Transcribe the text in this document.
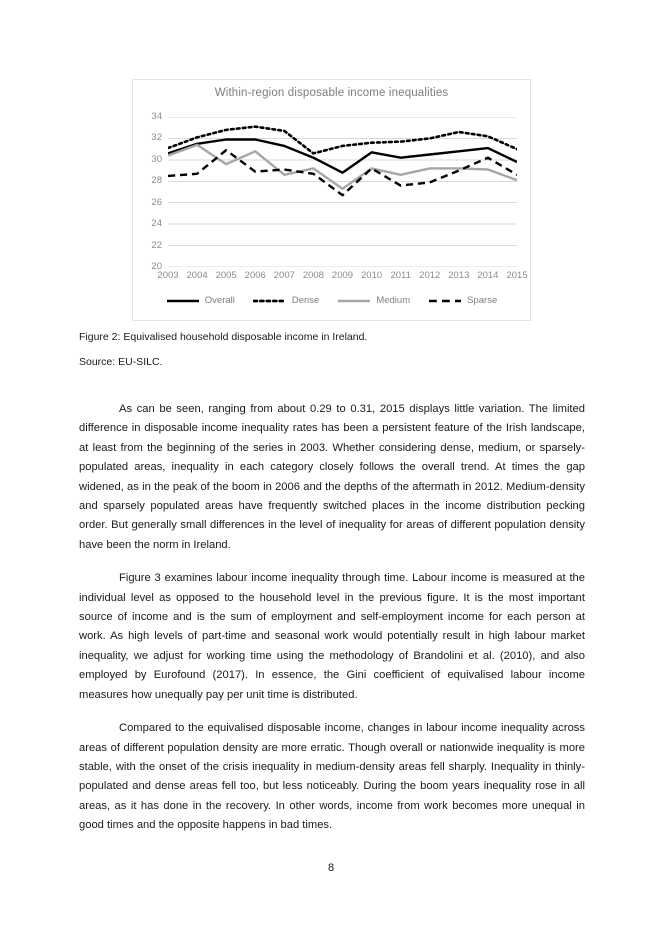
Within-region disposable income inequalities
20
22
24
26
28
30
32
34
2003 2004 2005 2006 2007 2008 2009 2010 2011 2012 2013 2014 2015
Overall	Dense	Medium	Sparse
Figure 2: Equivalised household disposable income in Ireland.
Source: EU-SILC.

As can be seen, ranging from about 0.29 to 0.31, 2015 displays little variation. The limited difference in disposable income inequality rates has been a persistent feature of the Irish landscape, at least from the beginning of the series in 2003. Whether considering dense, medium, or sparsely-populated areas, inequality in each category closely follows the overall trend. At times the gap widened, as in the peak of the boom in 2006 and the depths of the aftermath in 2012. Medium-density and sparsely populated areas have frequently switched places in the income distribution pecking order. But generally small differences in the level of inequality for areas of different population density have been the norm in Ireland.

Figure 3 examines labour income inequality through time. Labour income is measured at the individual level as opposed to the household level in the previous figure. It is the most important source of income and is the sum of employment and self-employment income for each person at work. As high levels of part-time and seasonal work would potentially result in high labour market inequality, we adjust for working time using the methodology of Brandolini et al. (2010), and also employed by Eurofound (2017). In essence, the Gini coefficient of equivalised labour income measures how unequally pay per unit time is distributed.

Compared to the equivalised disposable income, changes in labour income inequality across areas of different population density are more erratic. Though overall or nationwide inequality is more stable, with the onset of the crisis inequality in medium-density areas fell sharply. Inequality in thinly-populated and dense areas fell too, but less noticeably. During the boom years inequality rose in all areas, as it has done in the recovery. In other words, income from work becomes more unequal in good times and the opposite happens in bad times.

8
